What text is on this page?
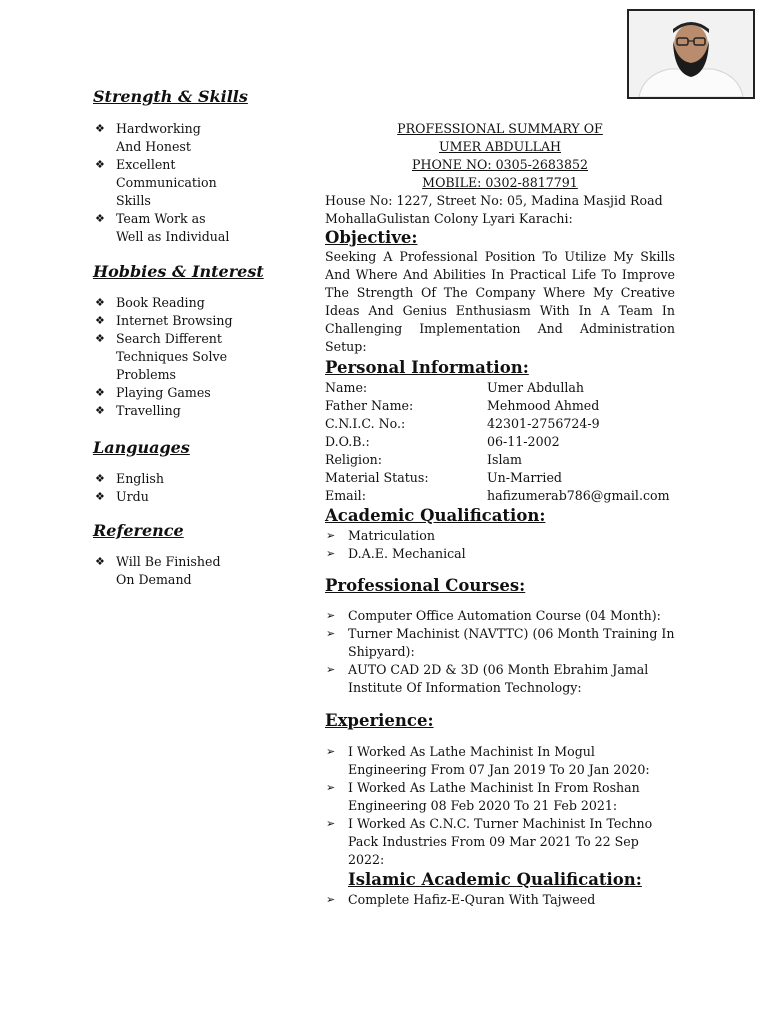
Strength & Skills
❖ Hardworking
And Honest
❖ Excellent
Communication
Skills
❖ Team Work as
Well as Individual
Hobbies & Interest
❖ Book Reading
❖ Internet Browsing
❖ Search Different
Techniques Solve
Problems
❖ Playing Games
❖ Travelling
Languages
❖ English
❖ Urdu
Reference
❖ Will Be Finished
On Demand
PROFESSIONAL SUMMARY OF
UMER ABDULLAH
PHONE NO: 0305-2683852
MOBILE: 0302-8817791
House No: 1227, Street No: 05, Madina Masjid Road
MohallaGulistan Colony Lyari Karachi:
Objective:
Seeking A Professional Position To Utilize My Skills And Where And Abilities In Practical Life To Improve The Strength Of The Company Where My Creative Ideas And Genius Enthusiasm With In A Team In Challenging Implementation And Administration Setup:
Personal Information:
Name:	Umer Abdullah
Father Name:	Mehmood Ahmed
C.N.I.C. No.:	42301-2756724-9
D.O.B.:	06-11-2002
Religion:	Islam
Material Status:	Un-Married
Email:	hafizumerab786@gmail.com
Academic Qualification:
➢ Matriculation
➢ D.A.E. Mechanical
Professional Courses:
➢ Computer Office Automation Course (04 Month):
➢ Turner Machinist (NAVTTC) (06 Month Training In Shipyard):
➢ AUTO CAD 2D & 3D (06 Month Ebrahim Jamal Institute Of Information Technology:
Experience:
➢ I Worked As Lathe Machinist In Mogul Engineering From 07 Jan 2019 To 20 Jan 2020:
➢ I Worked As Lathe Machinist In From Roshan Engineering 08 Feb 2020 To 21 Feb 2021:
➢ I Worked As C.N.C. Turner Machinist In Techno Pack Industries From 09 Mar 2021 To 22 Sep 2022:
Islamic Academic Qualification:
➢ Complete Hafiz-E-Quran With Tajweed
